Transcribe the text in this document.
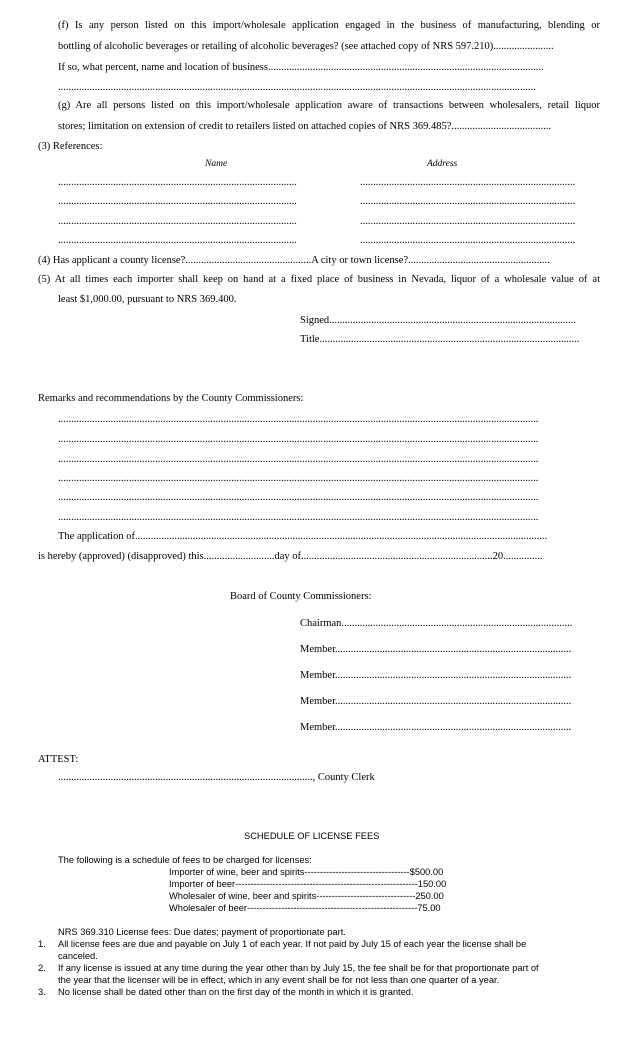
(f) Is any person listed on this import/wholesale application engaged in the business of manufacturing, blending or
bottling of alcoholic beverages or retailing of alcoholic beverages? (see attached copy of NRS 597.210).......................
If so, what percent, name and location of business.........................................................................................................
......................................................................................................................................................................................
(g) Are all persons listed on this import/wholesale application aware of transactions between wholesalers, retail liquor
stores; limitation on extension of credit to retailers listed on attached copies of NRS 369.485?......................................
(3) References:
Name	Address
...........................................................................................	..................................................................................
...........................................................................................	..................................................................................
...........................................................................................	..................................................................................
...........................................................................................	..................................................................................
(4) Has applicant a county license?................................................A city or town license?......................................................
(5) At all times each importer shall keep on hand at a fixed place of business in Nevada, liquor of a wholesale value of at
least $1,000.00, pursuant to NRS 369.400.
Signed..............................................................................................
Title...................................................................................................
Remarks and recommendations by the County Commissioners:
.......................................................................................................................................................................................
.......................................................................................................................................................................................
.......................................................................................................................................................................................
.......................................................................................................................................................................................
.......................................................................................................................................................................................
.......................................................................................................................................................................................
The application of.............................................................................................................................................................
is hereby (approved) (disapproved) this...........................day of.........................................................................20...............
Board of County Commissioners:
Chairman........................................................................................
Member..........................................................................................
Member..........................................................................................
Member..........................................................................................
Member..........................................................................................
ATTEST:
................................................................................................., County Clerk
SCHEDULE OF LICENSE FEES
The following is a schedule of fees to be charged for licenses:
Importer of wine, beer and spirits----------------------------------$500.00
Importer of beer-----------------------------------------------------------150.00
Wholesaler of wine, beer and spirits--------------------------------250.00
Wholesaler of beer-------------------------------------------------------75.00
NRS 369.310 License fees: Due dates; payment of proportionate part.
1. All license fees are due and payable on July 1 of each year. If not paid by July 15 of each year the license shall be
canceled.
2. If any license is issued at any time during the year other than by July 15, the fee shall be for that proportionate part of
the year that the licenser will be in effect, which in any event shall be for not less than one quarter of a year.
3. No license shall be dated other than on the first day of the month in which it is granted.
